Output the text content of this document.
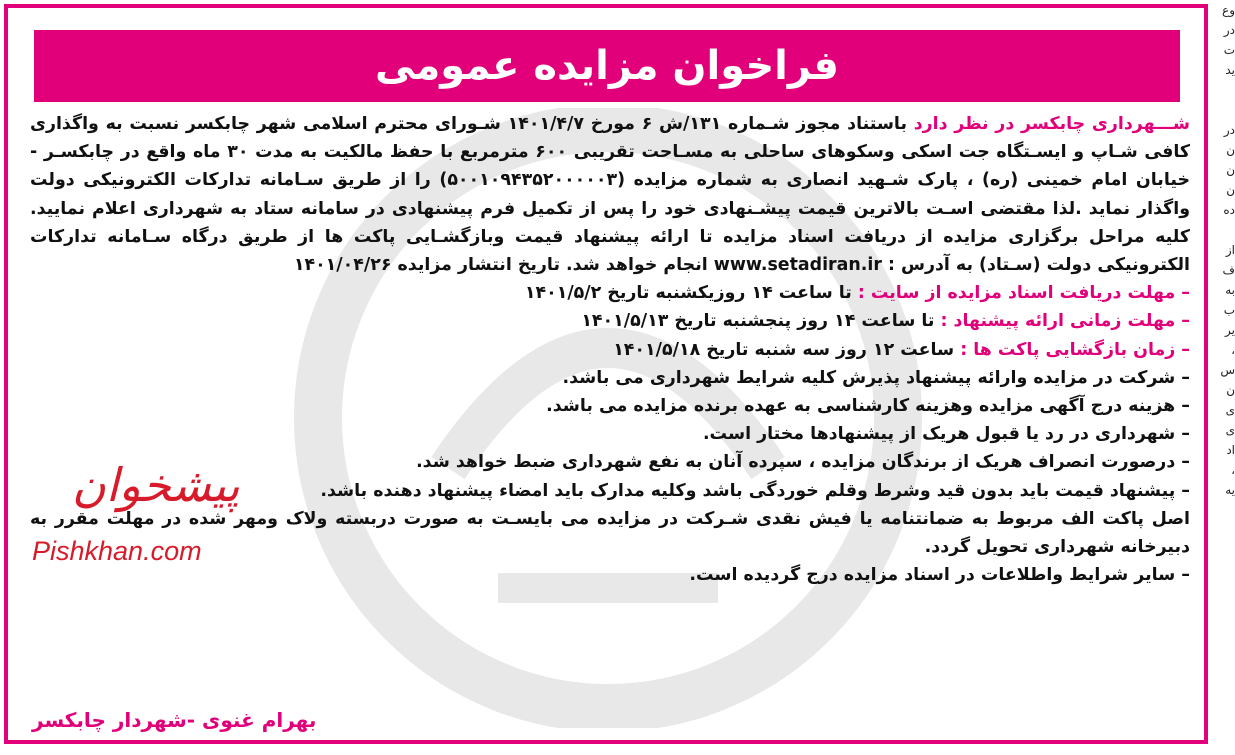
فراخوان مزایده عمومی

شـــهرداری چابکسر در نظر دارد باستناد مجوز شـماره ۱۳۱/ش ۶ مورخ ۱۴۰۱/۴/۷ شـورای محترم اسلامی شهر چابکسر نسبت به واگذاری کافی شـاپ و ایسـتگاه جت اسکی وسکوهای ساحلی به مسـاحت تقریبی ۶۰۰ مترمربع با حفظ مالکیت به مدت ۳۰ ماه واقع در چابکسـر - خیابان امام خمینی (ره) ، پارک شـهید انصاری به شماره مزایده (۵۰۰۱۰۹۴۳۵۲۰۰۰۰۰۳) را از طریق سـامانه تدارکات الکترونیکی دولت واگذار نماید .لذا مقتضی اسـت بالاترین قیمت پیشـنهادی خود را پس از تکمیل فرم پیشنهادی در سامانه ستاد به شهرداری اعلام نمایید. کلیه مراحل برگزاری مزایده از دریافت اسناد مزایده تا ارائه پیشنهاد قیمت وبازگشـایی پاکت ها از طریق درگاه سـامانه تدارکات الکترونیکی دولت (سـتاد) به آدرس : www.setadiran.ir انجام خواهد شد. تاریخ انتشار مزایده ۱۴۰۱/۰۴/۲۶

– مهلت دریافت اسناد مزایده از سایت : تا ساعت ۱۴ روزیکشنبه تاریخ ۱۴۰۱/۵/۲

– مهلت زمانی ارائه پیشنهاد : تا ساعت ۱۴ روز پنجشنبه تاریخ ۱۴۰۱/۵/۱۳

– زمان بازگشایی پاکت ها : ساعت ۱۲ روز سه شنبه تاریخ ۱۴۰۱/۵/۱۸

– شرکت در مزایده وارائه پیشنهاد پذیرش کلیه شرایط شهرداری می باشد.

– هزینه درج آگهی مزایده وهزینه کارشناسی به عهده برنده مزایده می باشد.

– شهرداری در رد یا قبول هریک از پیشنهادها مختار است.

– درصورت انصراف هریک از برندگان مزایده ، سپرده آنان به نفع شهرداری ضبط خواهد شد.

– پیشنهاد قیمت باید بدون قید وشرط وقلم خوردگی باشد وکلیه مدارک باید امضاء پیشنهاد دهنده باشد.

اصل پاکت الف مربوط به ضمانتنامه یا فیش نقدی شـرکت در مزایده می بایسـت به صورت دربسته ولاک ومهر شده در مهلت مقرر به دبیرخانه شهرداری تحویل گردد.

– سایر شرایط واطلاعات در اسناد مزایده درج گردیده است.

پیشخوان
Pishkhan.com
بهرام غنوی -شهردار چابکسر
وع
در
ت
ید

در
ن
ن
ن
ده

از
ف
به
ب
یر
،
س
ن
ی
ی
اد
،
یه
